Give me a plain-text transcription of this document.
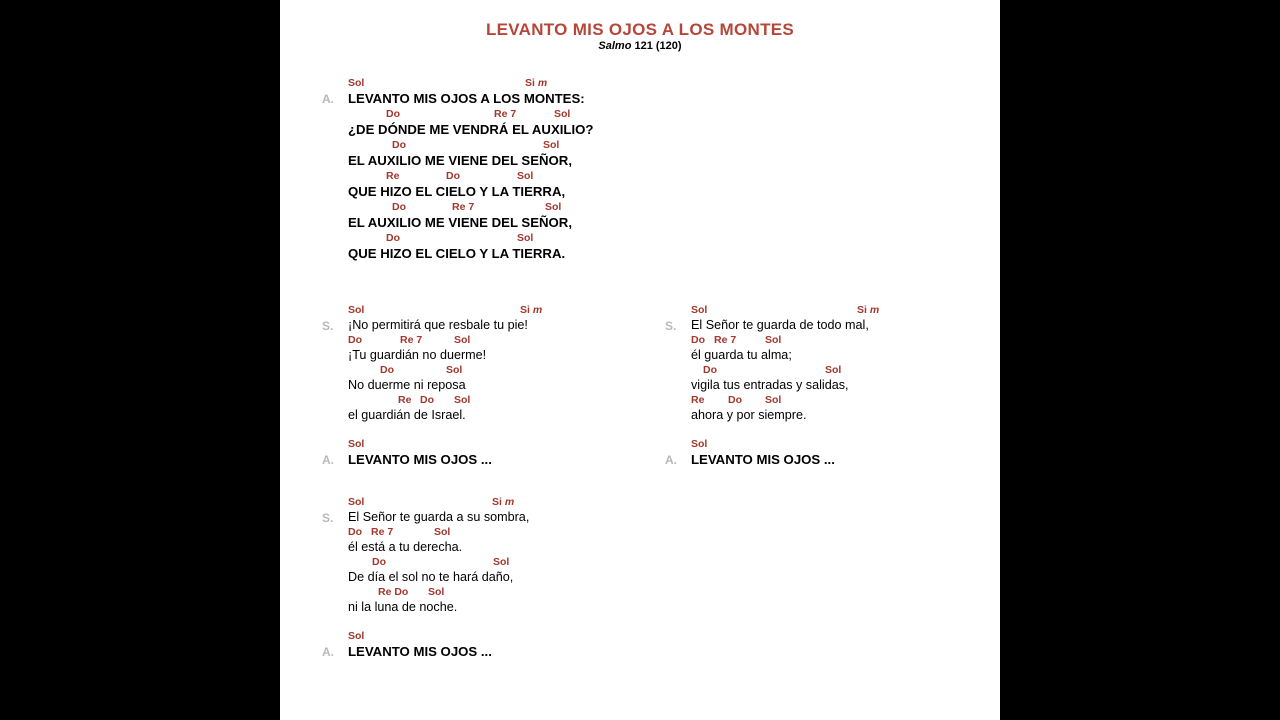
LEVANTO MIS OJOS A LOS MONTES
Salmo 121 (120)
A.
Sol	Si m
LEVANTO MIS OJOS A LOS MONTES:
Do	Re 7	Sol
¿DE DÓNDE ME VENDRÁ EL AUXILIO?
Do	Sol
EL AUXILIO ME VIENE DEL SEÑOR,
Re	Do	Sol
QUE HIZO EL CIELO Y LA TIERRA,
Do	Re 7	Sol
EL AUXILIO ME VIENE DEL SEÑOR,
Do	Sol
QUE HIZO EL CIELO Y LA TIERRA.
S.
Sol	Si m
¡No permitirá que resbale tu pie!
Do	Re 7	Sol
¡Tu guardián no duerme!
Do	Sol
No duerme ni reposa
Re Do Sol
el guardián de Israel.
S.
Sol	Si m
El Señor te guarda de todo mal,
Do Re 7	Sol
él guarda tu alma;
Do	Sol
vigila tus entradas y salidas,
Re Do Sol
ahora y por siempre.
A.
Sol
LEVANTO MIS OJOS ...	A.
Sol
LEVANTO MIS OJOS ...
S.
Sol	Si m
El Señor te guarda a su sombra,
Do Re 7	Sol
él está a tu derecha.
Do	Sol
De día el sol no te hará daño,
Re Do Sol
ni la luna de noche.
A.
Sol
LEVANTO MIS OJOS ...
